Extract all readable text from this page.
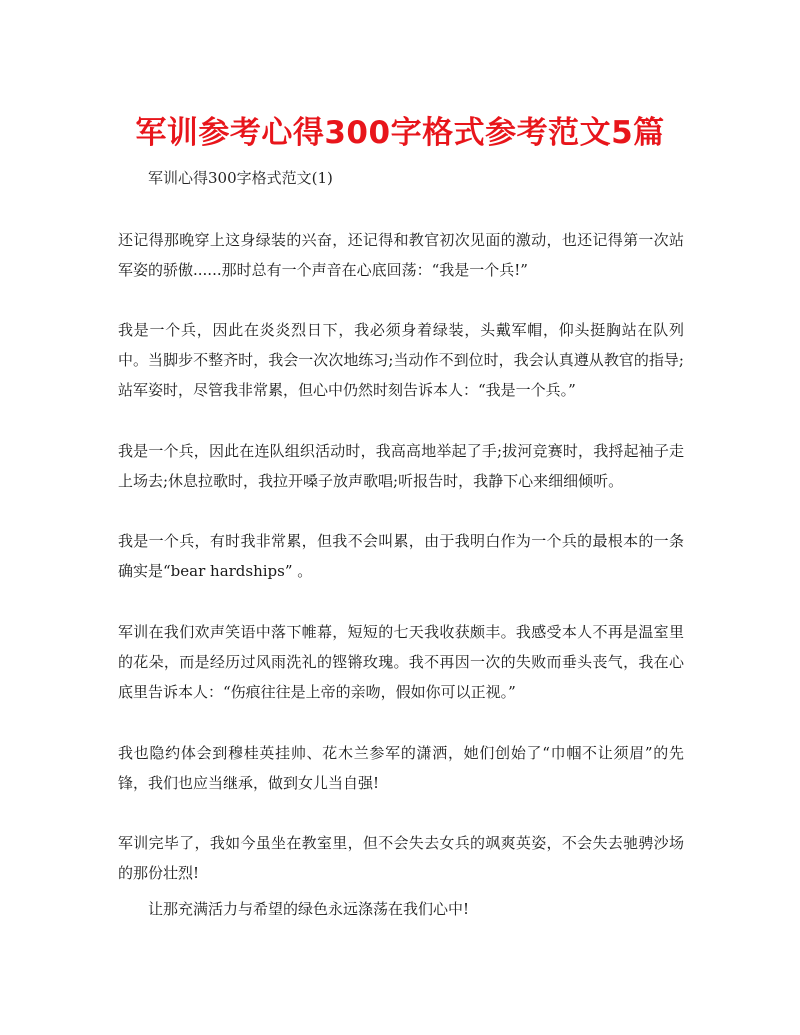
军训参考心得300字格式参考范文5篇
军训心得300字格式范文(1)
还记得那晚穿上这身绿装的兴奋，还记得和教官初次见面的激动，也还记得第一次站军姿的骄傲......那时总有一个声音在心底回荡：“我是一个兵!”
我是一个兵，因此在炎炎烈日下，我必须身着绿装，头戴军帽，仰头挺胸站在队列中。当脚步不整齐时，我会一次次地练习;当动作不到位时，我会认真遵从教官的指导;站军姿时，尽管我非常累，但心中仍然时刻告诉本人：“我是一个兵。”
我是一个兵，因此在连队组织活动时，我高高地举起了手;拔河竞赛时，我捋起袖子走上场去;休息拉歌时，我拉开嗓子放声歌唱;听报告时，我静下心来细细倾听。
我是一个兵，有时我非常累，但我不会叫累，由于我明白作为一个兵的最根本的一条确实是“bear hardships” 。
军训在我们欢声笑语中落下帷幕，短短的七天我收获颇丰。我感受本人不再是温室里的花朵，而是经历过风雨洗礼的铿锵玫瑰。我不再因一次的失败而垂头丧气，我在心底里告诉本人：“伤痕往往是上帝的亲吻，假如你可以正视。”
我也隐约体会到穆桂英挂帅、花木兰参军的潇洒，她们创始了“巾帼不让须眉”的先锋，我们也应当继承，做到女儿当自强!
军训完毕了，我如今虽坐在教室里，但不会失去女兵的飒爽英姿，不会失去驰骋沙场的那份壮烈!
让那充满活力与希望的绿色永远涤荡在我们心中!
